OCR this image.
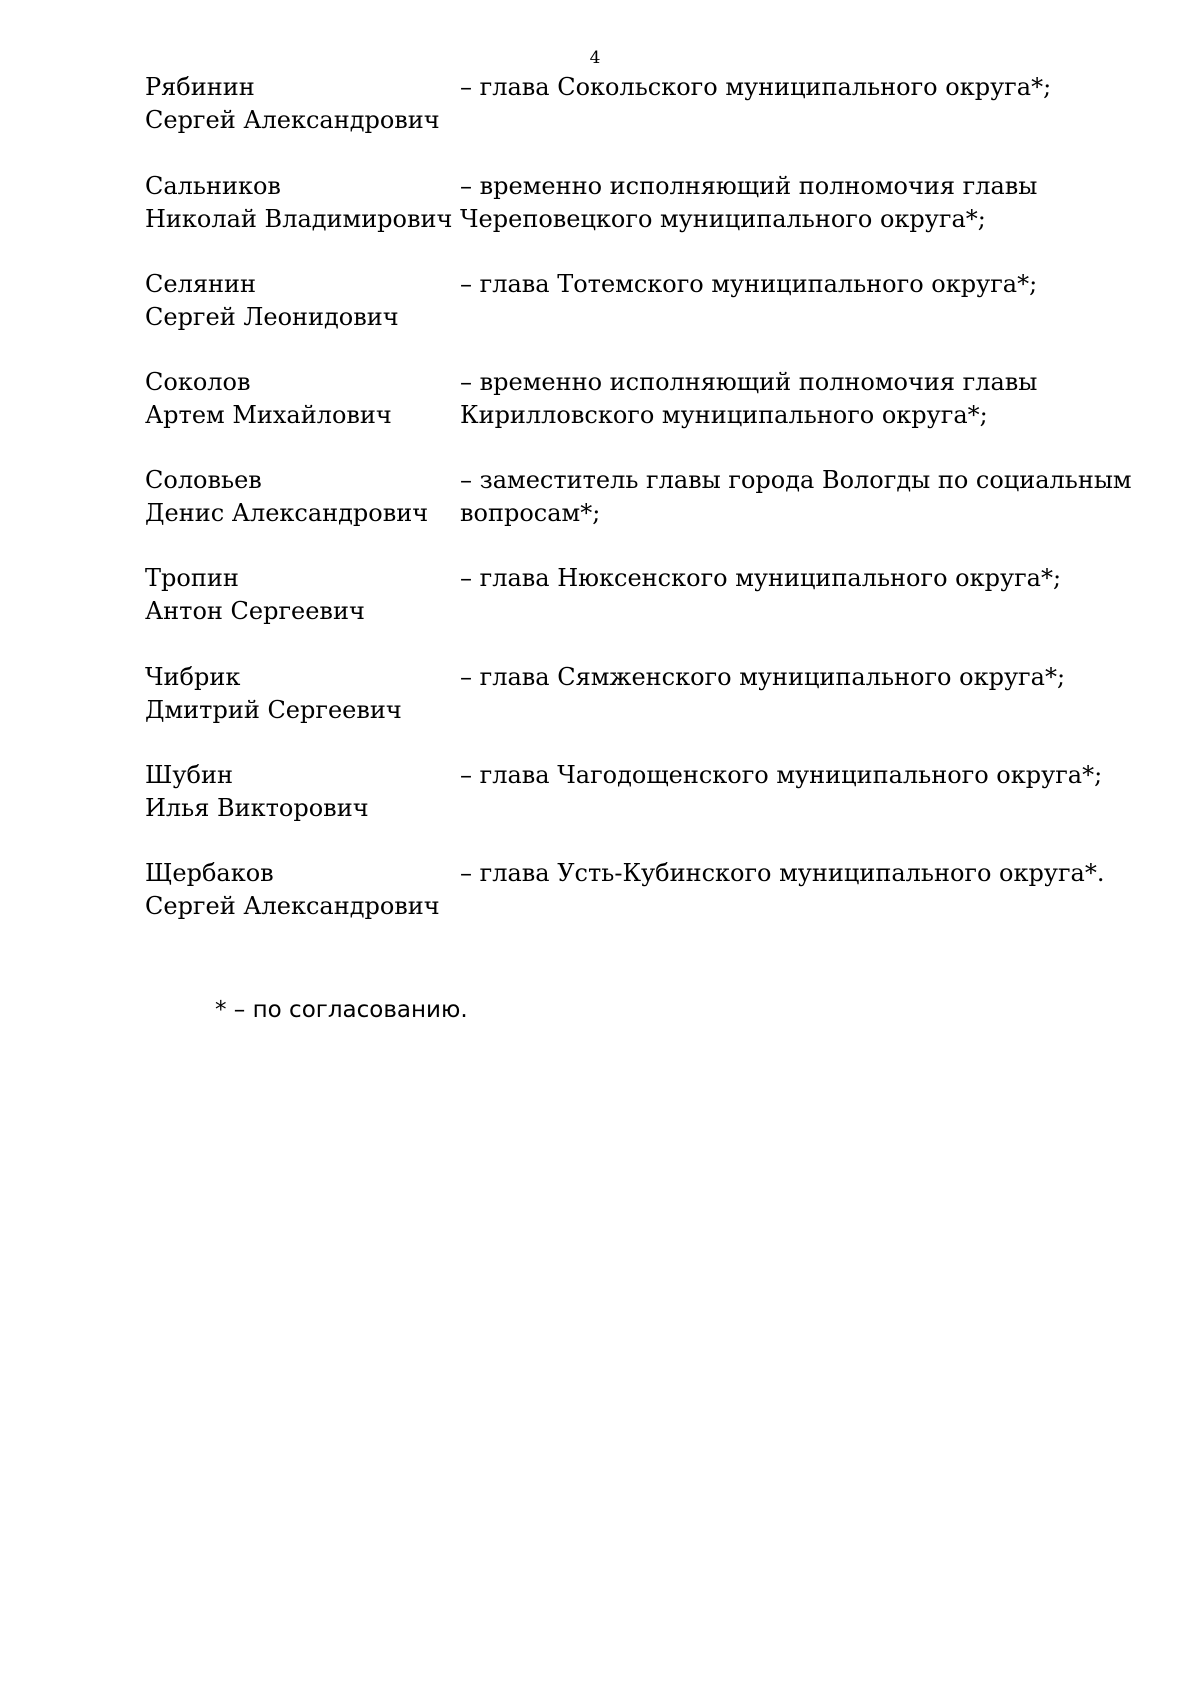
4
Рябинин
Сергей Александрович
– глава Сокольского муниципального округа*;
Сальников
Николай Владимирович
– временно исполняющий полномочия главы Череповецкого муниципального округа*;
Селянин
Сергей Леонидович
– глава Тотемского муниципального округа*;
Соколов
Артем Михайлович
– временно исполняющий полномочия главы Кирилловского муниципального округа*;
Соловьев
Денис Александрович
– заместитель главы города Вологды по социальным вопросам*;
Тропин
Антон Сергеевич
– глава Нюксенского муниципального округа*;
Чибрик
Дмитрий Сергеевич
– глава Сямженского муниципального округа*;
Шубин
Илья Викторович
– глава Чагодощенского муниципального округа*;
Щербаков
Сергей Александрович
– глава Усть-Кубинского муниципального округа*.
* – по согласованию.
